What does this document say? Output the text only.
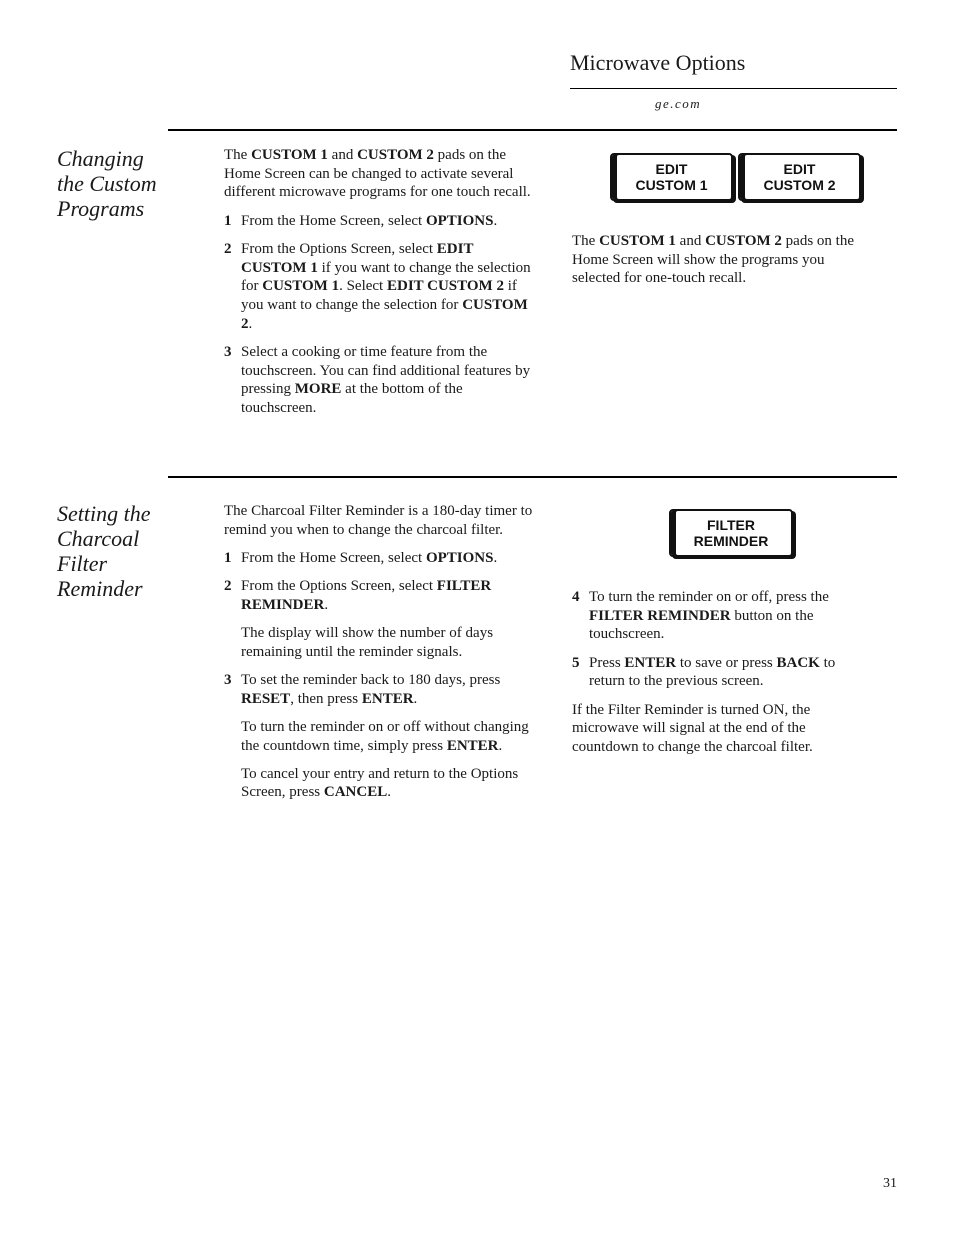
Microwave Options
ge.com
Changing the Custom Programs

The CUSTOM 1 and CUSTOM 2 pads on the Home Screen can be changed to activate several different microwave programs for one touch recall.

1 From the Home Screen, select OPTIONS.
2 From the Options Screen, select EDIT CUSTOM 1 if you want to change the selection for CUSTOM 1. Select EDIT CUSTOM 2 if you want to change the selection for CUSTOM 2.
3 Select a cooking or time feature from the touchscreen. You can find additional features by pressing MORE at the bottom of the touchscreen.
EDIT
CUSTOM 1
EDIT
CUSTOM 2

The CUSTOM 1 and CUSTOM 2 pads on the Home Screen will show the programs you selected for one-touch recall.

Setting the Charcoal Filter Reminder

The Charcoal Filter Reminder is a 180-day timer to remind you when to change the charcoal filter.

1 From the Home Screen, select OPTIONS.
2 From the Options Screen, select FILTER REMINDER.

The display will show the number of days remaining until the reminder signals.

3 To set the reminder back to 180 days, press RESET, then press ENTER.

To turn the reminder on or off without changing the countdown time, simply press ENTER.

To cancel your entry and return to the Options Screen, press CANCEL.

FILTER
REMINDER
4 To turn the reminder on or off, press the FILTER REMINDER button on the touchscreen.
5 Press ENTER to save or press BACK to return to the previous screen.

If the Filter Reminder is turned ON, the microwave will signal at the end of the countdown to change the charcoal filter.

31
